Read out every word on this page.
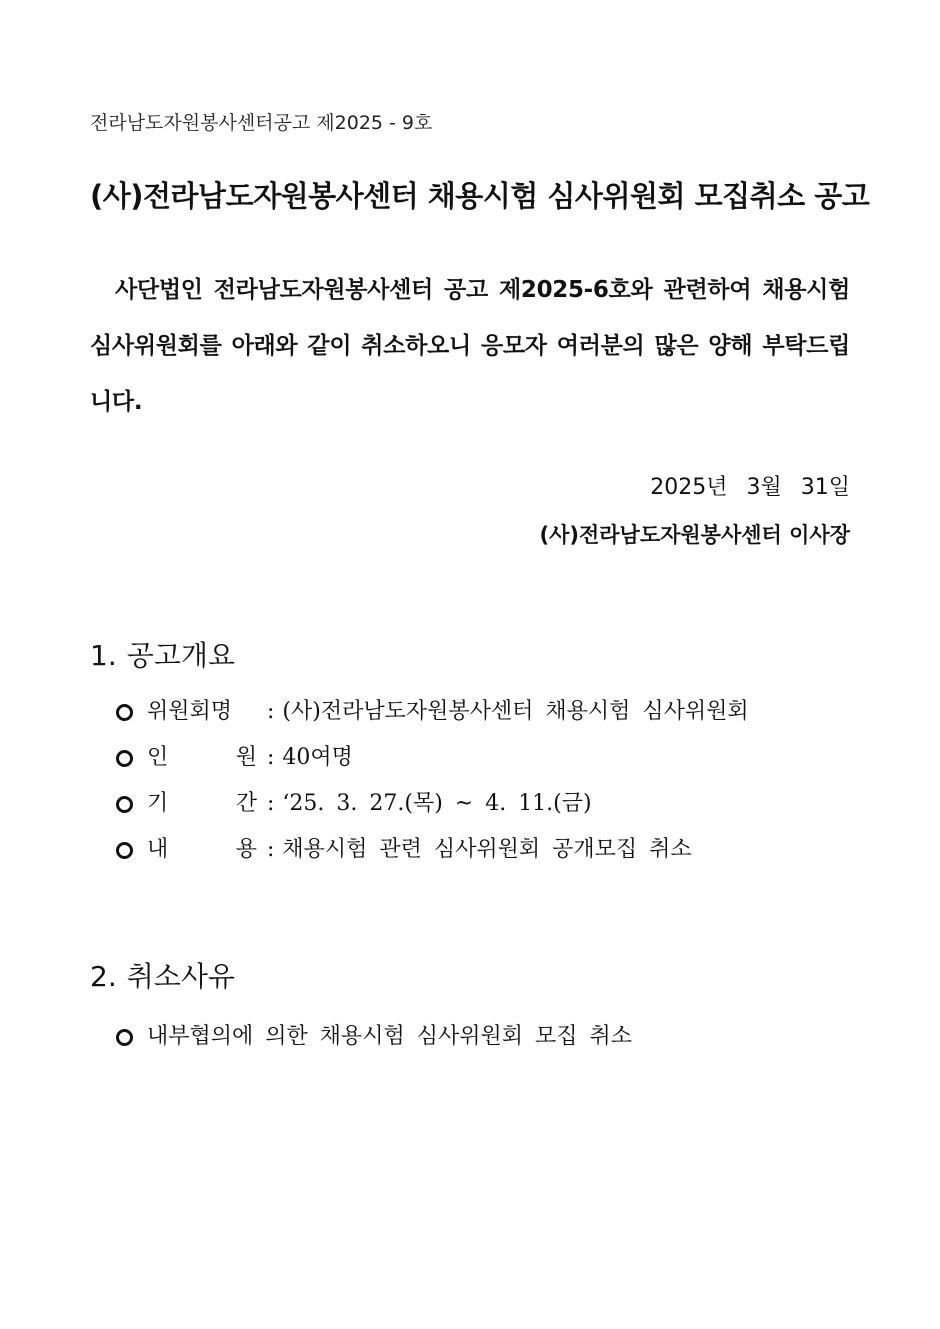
전라남도자원봉사센터공고 제2025 - 9호
(사)전라남도자원봉사센터 채용시험 심사위원회 모집취소 공고

사단법인 전라남도자원봉사센터 공고 제2025-6호와 관련하여 채용시험 심사위원회를 아래와 같이 취소하오니 응모자 여러분의 많은 양해 부탁드립니다.

2025년 3월 31일
(사)전라남도자원봉사센터 이사장
1. 공고개요
위원회명	: (사)전라남도자원봉사센터 채용시험 심사위원회
인 원 : 40여명
기 간 : ‘25. 3. 27.(목) ~ 4. 11.(금)
내 용 : 채용시험 관련 심사위원회 공개모집 취소
2. 취소사유
내부협의에 의한 채용시험 심사위원회 모집 취소
